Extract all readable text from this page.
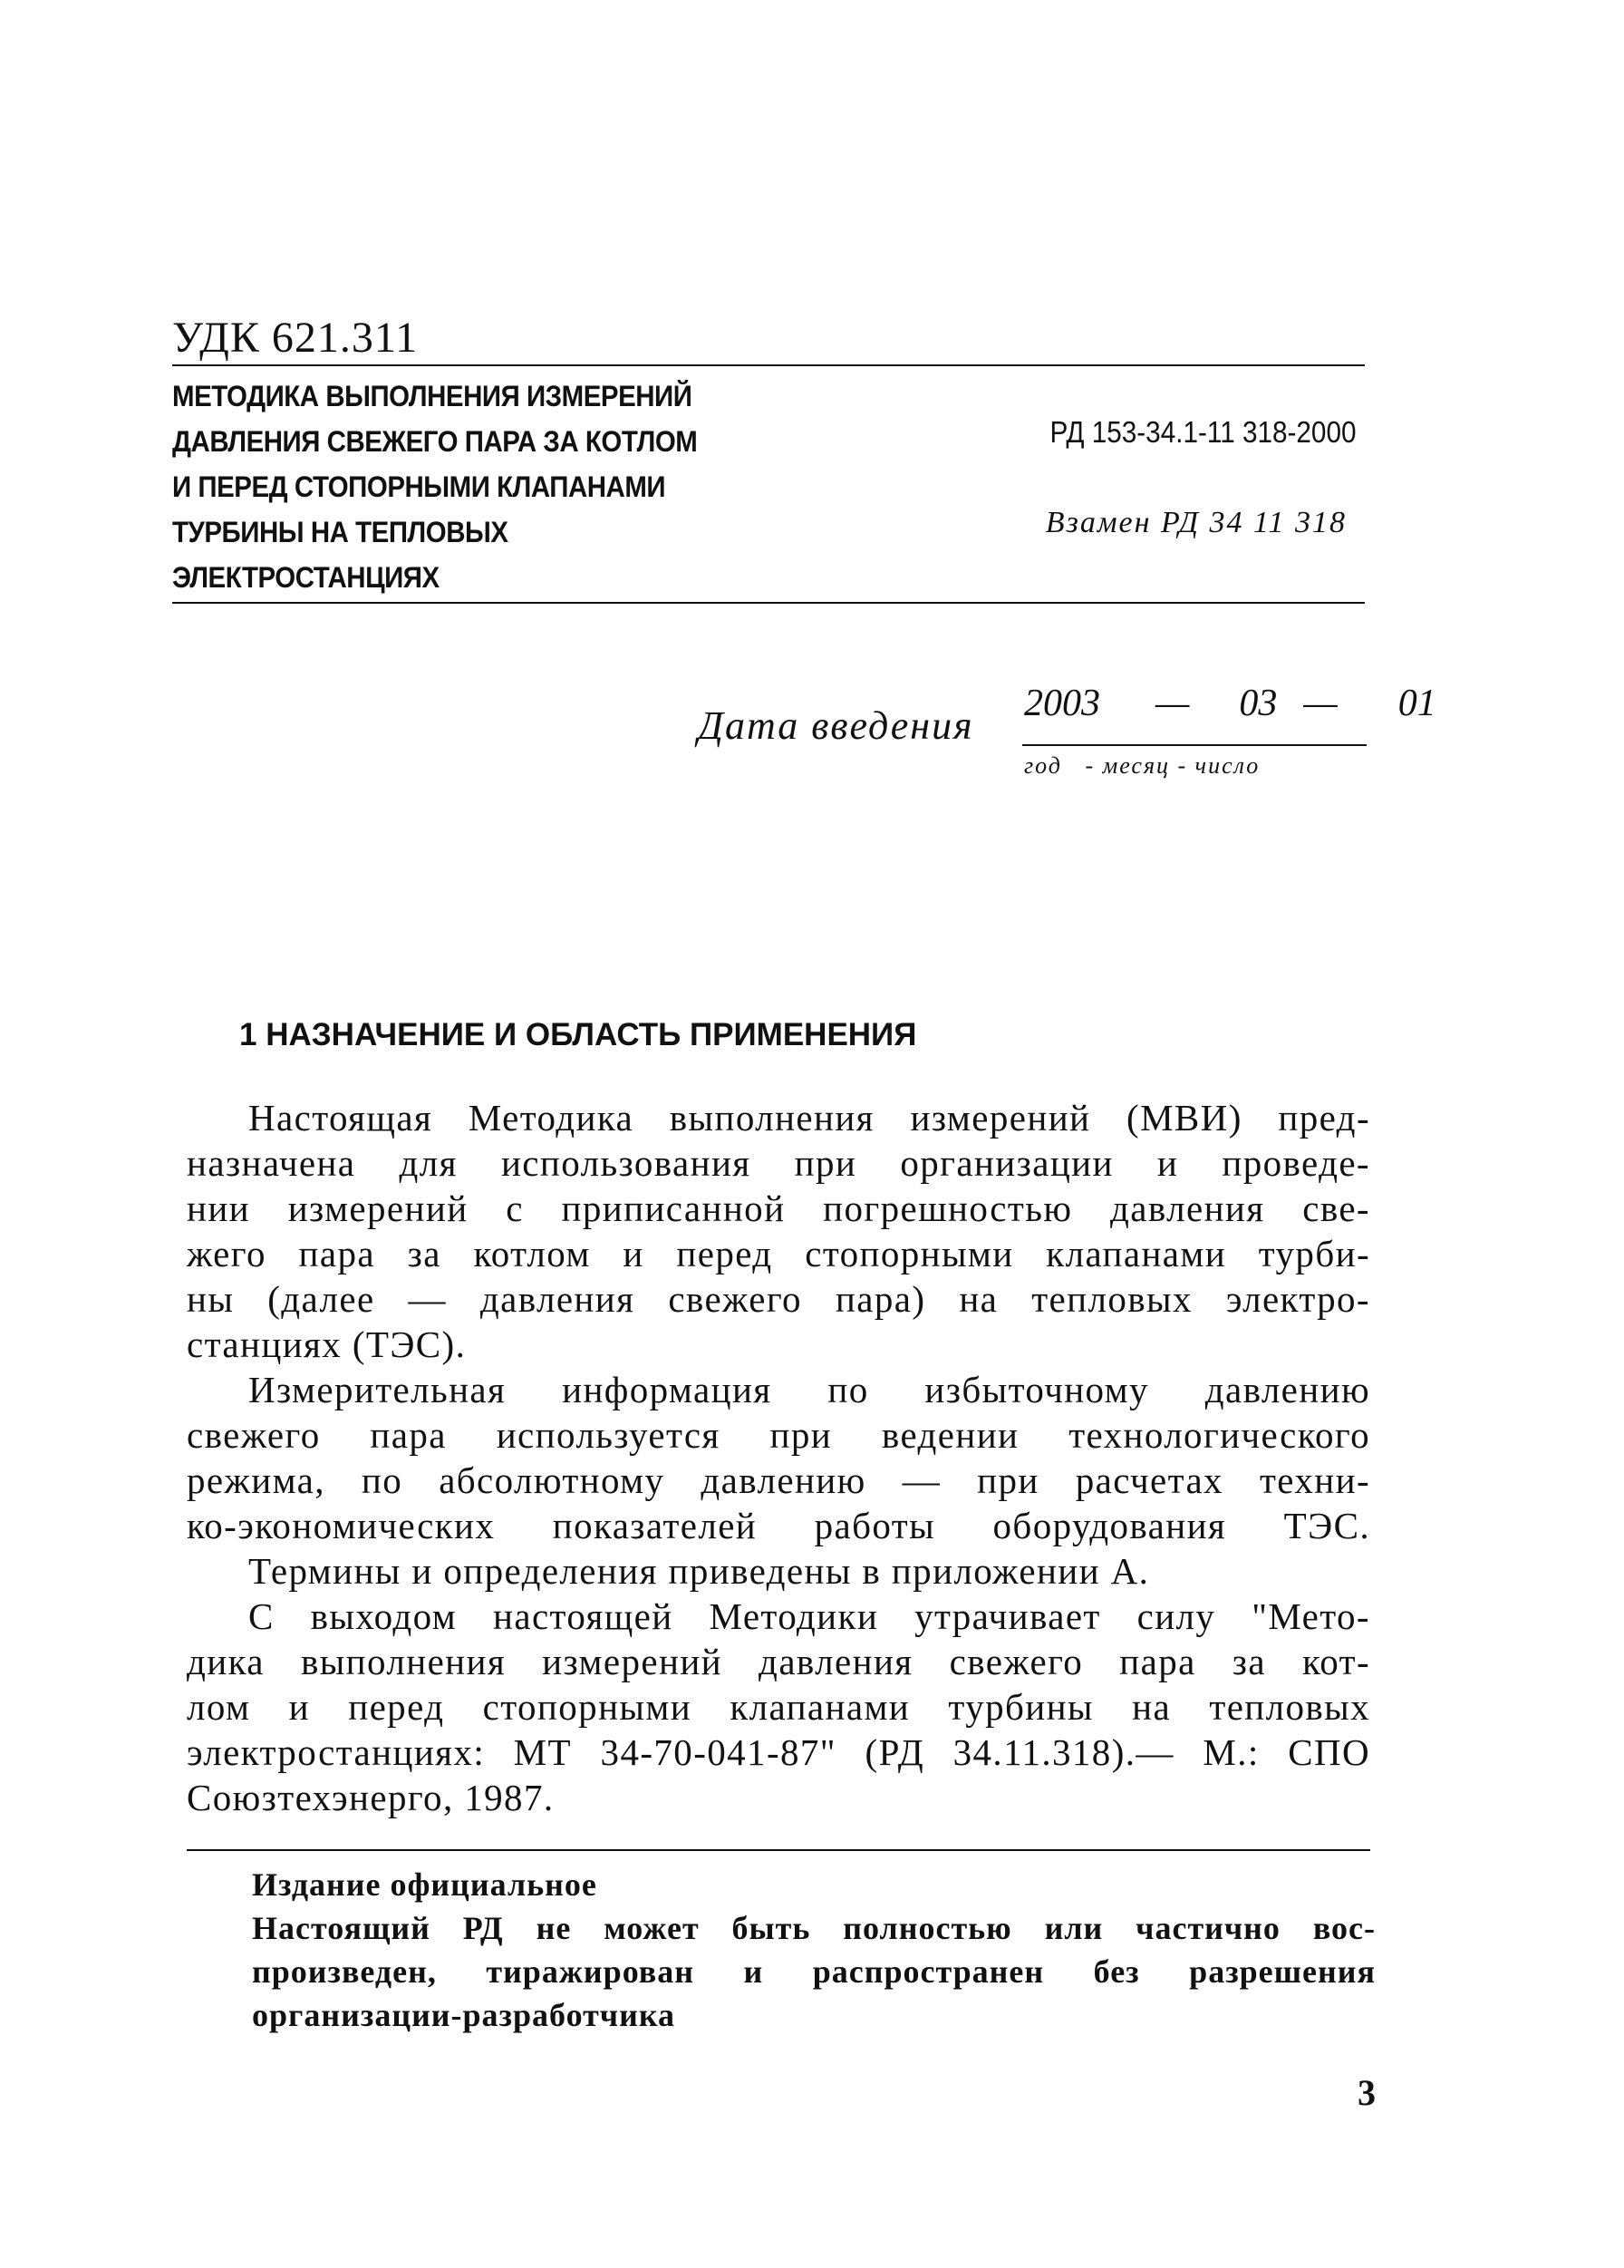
УДК 621.311
МЕТОДИКА ВЫПОЛНЕНИЯ ИЗМЕРЕНИЙ
ДАВЛЕНИЯ СВЕЖЕГО ПАРА ЗА КОТЛОМ
И ПЕРЕД СТОПОРНЫМИ КЛАПАНАМИ
ТУРБИНЫ НА ТЕПЛОВЫХ
ЭЛЕКТРОСТАНЦИЯХ
РД 153-34.1-11 318-2000
Взамен РД 34 11 318
Дата введения 2003 — 03 — 01
год   - месяц - число
1 НАЗНАЧЕНИЕ И ОБЛАСТЬ ПРИМЕНЕНИЯ
Настоящая Методика выполнения измерений (МВИ) пред-
назначена для использования при организации и проведе-
нии измерений с приписанной погрешностью давления све-
жего пара за котлом и перед стопорными клапанами турби-
ны (далее — давления свежего пара) на тепловых электро-
станциях (ТЭС).
Измерительная информация по избыточному давлению
свежего пара используется при ведении технологического
режима, по абсолютному давлению — при расчетах техни-
ко-экономических показателей работы оборудования ТЭС.
Термины и определения приведены в приложении А.
С выходом настоящей Методики утрачивает силу "Мето-
дика выполнения измерений давления свежего пара за кот-
лом и перед стопорными клапанами турбины на тепловых
электростанциях: МТ 34-70-041-87" (РД 34.11.318).— М.: СПО
Союзтехэнерго, 1987.
Издание официальное
Настоящий РД не может быть полностью или частично вос-
произведен, тиражирован и распространен без разрешения
организации-разработчика
3
